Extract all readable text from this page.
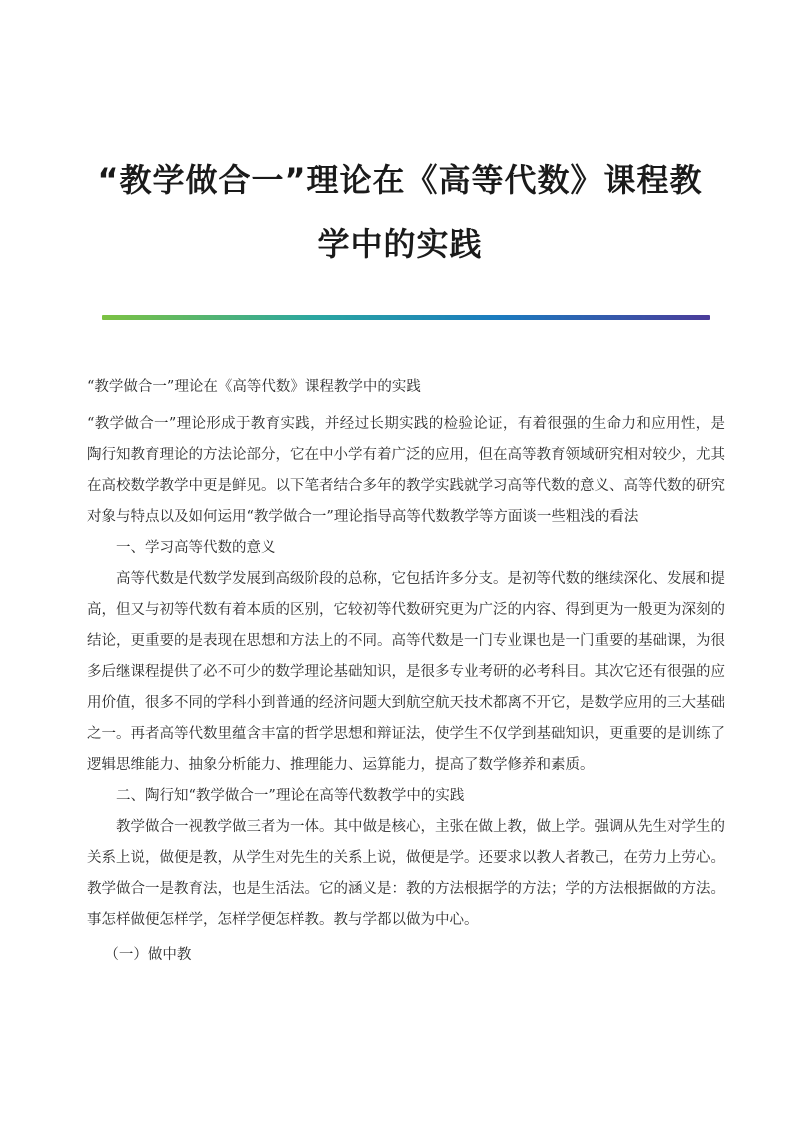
“教学做合一”理论在《高等代数》课程教
学中的实践

“教学做合一”理论在《高等代数》课程教学中的实践

“教学做合一”理论形成于教育实践，并经过长期实践的检验论证，有着很强的生命力和应用性，是陶行知教育理论的方法论部分，它在中小学有着广泛的应用，但在高等教育领域研究相对较少，尤其在高校数学教学中更是鲜见。以下笔者结合多年的教学实践就学习高等代数的意义、高等代数的研究对象与特点以及如何运用“教学做合一”理论指导高等代数教学等方面谈一些粗浅的看法

一、学习高等代数的意义

高等代数是代数学发展到高级阶段的总称，它包括许多分支。是初等代数的继续深化、发展和提高，但又与初等代数有着本质的区别，它较初等代数研究更为广泛的内容、得到更为一般更为深刻的结论，更重要的是表现在思想和方法上的不同。高等代数是一门专业课也是一门重要的基础课，为很多后继课程提供了必不可少的数学理论基础知识，是很多专业考研的必考科目。其次它还有很强的应用价值，很多不同的学科小到普通的经济问题大到航空航天技术都离不开它，是数学应用的三大基础之一。再者高等代数里蕴含丰富的哲学思想和辩证法，使学生不仅学到基础知识，更重要的是训练了逻辑思维能力、抽象分析能力、推理能力、运算能力，提高了数学修养和素质。

二、陶行知“教学做合一”理论在高等代数教学中的实践

教学做合一视教学做三者为一体。其中做是核心，主张在做上教，做上学。强调从先生对学生的关系上说，做便是教，从学生对先生的关系上说，做便是学。还要求以教人者教己，在劳力上劳心。教学做合一是教育法，也是生活法。它的涵义是：教的方法根据学的方法；学的方法根据做的方法。事怎样做便怎样学，怎样学便怎样教。教与学都以做为中心。

（一）做中教
